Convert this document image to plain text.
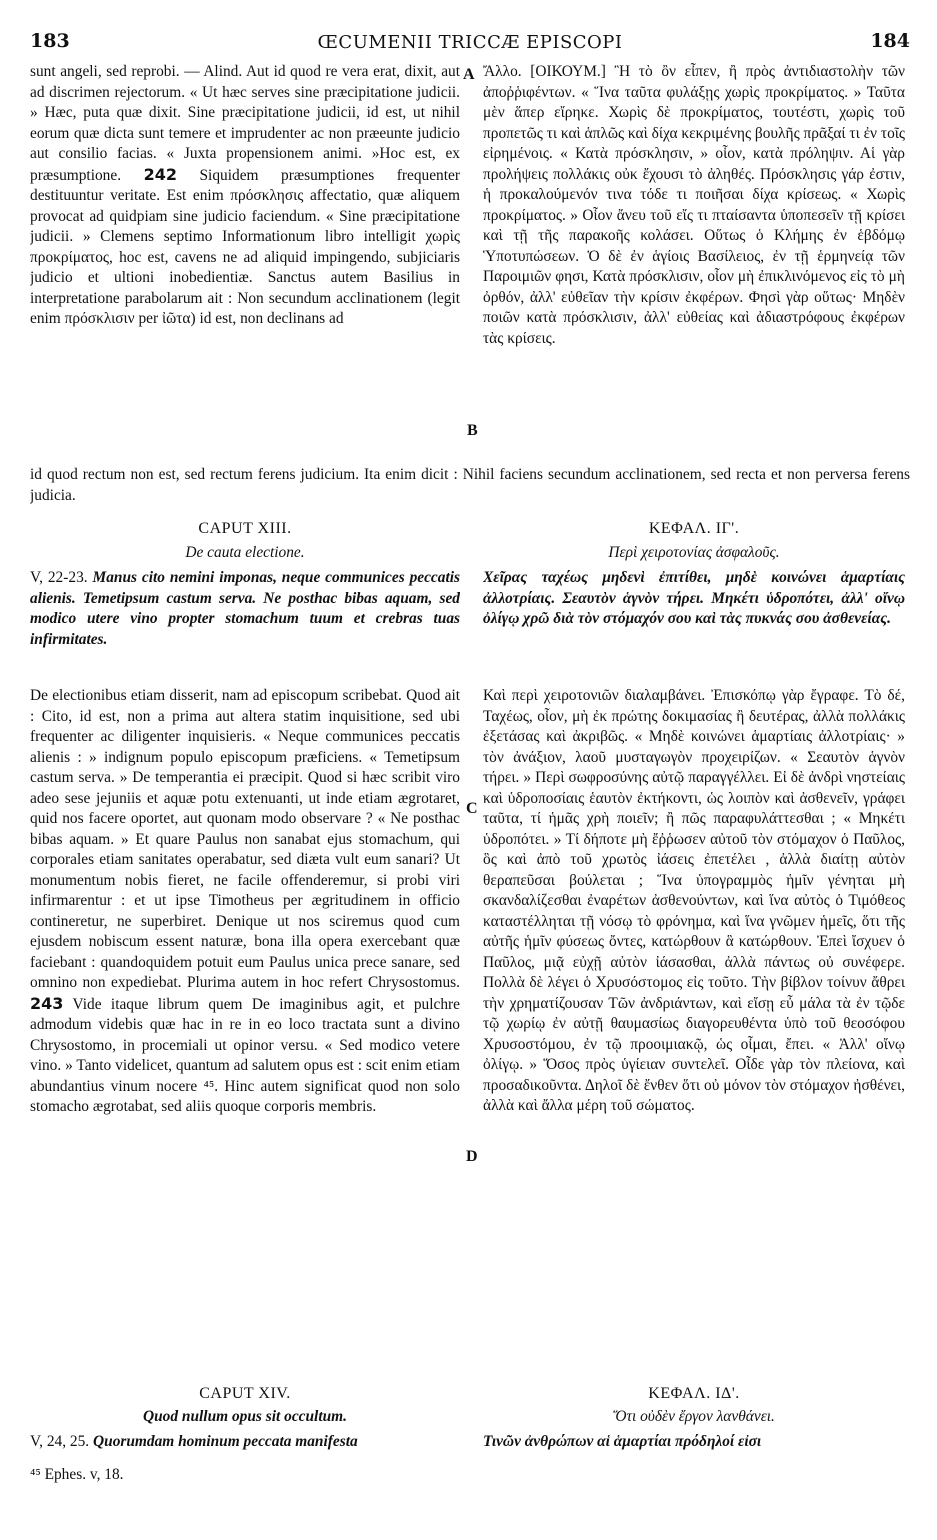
183	ŒCUMENII TRICCÆ EPISCOPI	184

sunt angeli, sed reprobi. — Alind. Aut id quod re vera erat, dixit, aut ad discrimen rejectorum. « Ut hæc serves sine præcipitatione judicii. » Hæc, puta quæ dixit. Sine præcipitatione judicii, id est, ut nihil eorum quæ dicta sunt temere et imprudenter ac non præeunte judicio aut consilio facias. « Juxta propensionem animi. »Hoc est, ex præsumptione. 242 Siquidem præsumptiones frequenter destituuntur veritate. Est enim πρόσκλησις affectatio, quæ aliquem provocat ad quidpiam sine judicio faciendum. « Sine præcipitatione judicii. » Clemens septimo Informationum libro intelligit χωρὶς προκρίματος, hoc est, cavens ne ad aliquid impingendo, subjiciaris judicio et ultioni inobedientiæ. Sanctus autem Basilius in interpretatione parabolarum ait : Non secundum acclinationem (legit enim πρόσκλισιν per ἰῶτα) id est, non declinans ad

Ἄλλο. [ΟΙΚΟΥΜ.] Ἢ τὸ ὂν εἶπεν, ἢ πρὸς ἀντιδιαστολὴν τῶν ἀποῤῥιφέντων. « Ἵνα ταῦτα φυλάξῃς χωρὶς προκρίματος. » Ταῦτα μὲν ἅπερ εἴρηκε. Χωρὶς δὲ προκρίματος, τουτέστι, χωρὶς τοῦ προπετῶς τι καὶ ἁπλῶς καὶ δίχα κεκριμένης βουλῆς πρᾶξαί τι ἐν τοῖς εἰρημένοις. « Κατὰ πρόσκλησιν, » οἷον, κατὰ πρόληψιν. Αἱ γὰρ προλήψεις πολλάκις οὐκ ἔχουσι τὸ ἀληθές. Πρόσκλησις γάρ ἐστιν, ἡ προκαλούμενόν τινα τόδε τι ποιῆσαι δίχα κρίσεως. « Χωρὶς προκρίματος. » Οἷον ἄνευ τοῦ εἴς τι πταίσαντα ὑποπεσεῖν τῇ κρίσει καὶ τῇ τῆς παρακοῆς κολάσει. Οὕτως ὁ Κλήμης ἐν ἑβδόμῳ Ὑποτυπώσεων. Ὁ δὲ ἐν ἁγίοις Βασίλειος, ἐν τῇ ἑρμηνείᾳ τῶν Παροιμιῶν φησι, Κατὰ πρόσκλισιν, οἷον μὴ ἐπικλινόμενος εἰς τὸ μὴ ὀρθόν, ἀλλ' εὐθεῖαν τὴν κρίσιν ἐκφέρων. Φησὶ γὰρ οὕτως· Μηδὲν ποιῶν κατὰ πρόσκλισιν, ἀλλ' εὐθείας καὶ ἀδιαστρόφους ἐκφέρων τὰς κρίσεις.

A
B

id quod rectum non est, sed rectum ferens judicium. Ita enim dicit : Nihil faciens secundum acclinationem, sed recta et non perversa ferens judicia.

CAPUT XIII.	ΚΕΦΑΛ. ΙΓ'.
De cauta electione.	Περὶ χειροτονίας ἀσφαλοῦς.

V, 22-23. Manus cito nemini imponas, neque communices peccatis alienis. Temetipsum castum serva. Ne posthac bibas aquam, sed modico utere vino propter stomachum tuum et crebras tuas infirmitates.

Χεῖρας ταχέως μηδενὶ ἐπιτίθει, μηδὲ κοινώνει ἁμαρτίαις ἀλλοτρίαις. Σεαυτὸν ἁγνὸν τήρει. Μηκέτι ὑδροπότει, ἀλλ' οἴνῳ ὀλίγῳ χρῶ διὰ τὸν στόμαχόν σου καὶ τὰς πυκνάς σου ἀσθενείας.

De electionibus etiam disserit, nam ad episcopum scribebat. Quod ait : Cito, id est, non a prima aut altera statim inquisitione, sed ubi frequenter ac diligenter inquisieris. « Neque communices peccatis alienis : » indignum populo episcopum præficiens. « Temetipsum castum serva. » De temperantia ei præcipit. Quod si hæc scribit viro adeo sese jejuniis et aquæ potu extenuanti, ut inde etiam ægrotaret, quid nos facere oportet, aut quonam modo observare ? « Ne posthac bibas aquam. » Et quare Paulus non sanabat ejus stomachum, qui corporales etiam sanitates operabatur, sed diæta vult eum sanari? Ut monumentum nobis fieret, ne facile offenderemur, si probi viri infirmarentur : et ut ipse Timotheus per ægritudinem in officio contineretur, ne superbiret. Denique ut nos sciremus quod cum ejusdem nobiscum essent naturæ, bona illa opera exercebant quæ faciebant : quandoquidem potuit eum Paulus unica prece sanare, sed omnino non expediebat. Plurima autem in hoc refert Chrysostomus. 243 Vide itaque librum quem De imaginibus agit, et pulchre admodum videbis quæ hac in re in eo loco tractata sunt a divino Chrysostomo, in procemiali ut opinor versu. « Sed modico vetere vino. » Tanto videlicet, quantum ad salutem opus est : scit enim etiam abundantius vinum nocere ⁴⁵. Hinc autem significat quod non solo stomacho ægrotabat, sed aliis quoque corporis membris.

Καὶ περὶ χειροτονιῶν διαλαμβάνει. Ἐπισκόπῳ γὰρ ἔγραφε. Τὸ δέ, Ταχέως, οἷον, μὴ ἐκ πρώτης δοκιμασίας ἢ δευτέρας, ἀλλὰ πολλάκις ἐξετάσας καὶ ἀκριβῶς. « Μηδὲ κοινώνει ἁμαρτίαις ἀλλοτρίαις· » τὸν ἀνάξιον, λαοῦ μυσταγωγὸν προχειρίζων. « Σεαυτὸν ἁγνὸν τήρει. » Περὶ σωφροσύνης αὐτῷ παραγγέλλει. Εἰ δὲ ἀνδρὶ νηστείαις καὶ ὑδροποσίαις ἑαυτὸν ἐκτήκοντι, ὡς λοιπὸν καὶ ἀσθενεῖν, γράφει ταῦτα, τί ἡμᾶς χρὴ ποιεῖν; ἢ πῶς παραφυλάττεσθαι ; « Μηκέτι ὑδροπότει. » Τί δήποτε μὴ ἔῤῥωσεν αὐτοῦ τὸν στόμαχον ὁ Παῦλος, ὃς καὶ ἀπὸ τοῦ χρωτὸς ἰάσεις ἐπετέλει , ἀλλὰ διαίτῃ αὐτὸν θεραπεῦσαι βούλεται ; Ἵνα ὑπογραμμὸς ἡμῖν γένηται μὴ σκανδαλίζεσθαι ἐναρέτων ἀσθενούντων, καὶ ἵνα αὐτὸς ὁ Τιμόθεος καταστέλληται τῇ νόσῳ τὸ φρόνημα, καὶ ἵνα γνῶμεν ἡμεῖς, ὅτι τῆς αὐτῆς ἡμῖν φύσεως ὄντες, κατώρθουν ἃ κατώρθουν. Ἐπεὶ ἴσχυεν ὁ Παῦλος, μιᾷ εὐχῇ αὐτὸν ἰάσασθαι, ἀλλὰ πάντως οὐ συνέφερε. Πολλὰ δὲ λέγει ὁ Χρυσόστομος εἰς τοῦτο. Τὴν βίβλον τοίνυν ἄθρει τὴν χρηματίζουσαν Τῶν ἀνδριάντων, καὶ εἴσῃ εὖ μάλα τὰ ἐν τῷδε τῷ χωρίῳ ἐν αὐτῇ θαυμασίως διαγορευθέντα ὑπὸ τοῦ θεοσόφου Χρυσοστόμου, ἐν τῷ προοιμιακῷ, ὡς οἶμαι, ἔπει. « Ἀλλ' οἴνῳ ὀλίγῳ. » Ὅσος πρὸς ὑγίειαν συντελεῖ. Οἶδε γὰρ τὸν πλείονα, καὶ προσαδικοῦντα. Δηλοῖ δὲ ἔνθεν ὅτι οὐ μόνον τὸν στόμαχον ἠσθένει, ἀλλὰ καὶ ἄλλα μέρη τοῦ σώματος.

C
D
CAPUT XIV.	ΚΕΦΑΛ. ΙΔ'.
Quod nullum opus sit occultum.	Ὅτι οὐδὲν ἔργον λανθάνει.

V, 24, 25. Quorumdam hominum peccata manifesta	Τινῶν ἀνθρώπων αἱ ἁμαρτίαι πρόδηλοί εἰσι

⁴⁵ Ephes. v, 18.
